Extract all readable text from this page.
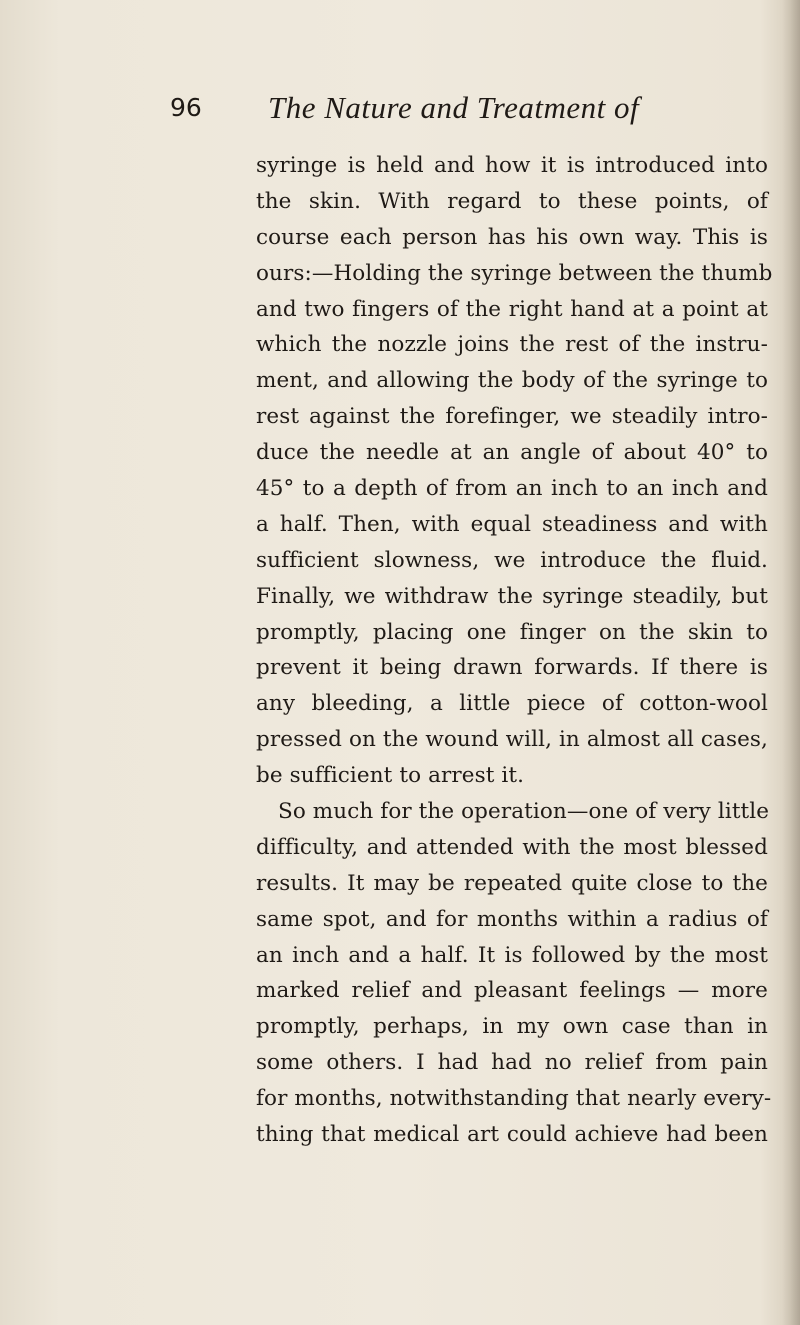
96 The Nature and Treatment of
syringe is held and how it is introduced into
the skin. With regard to these points, of
course each person has his own way. This is
ours:—Holding the syringe between the thumb
and two fingers of the right hand at a point at
which the nozzle joins the rest of the instru-
ment, and allowing the body of the syringe to
rest against the forefinger, we steadily intro-
duce the needle at an angle of about 40° to
45° to a depth of from an inch to an inch and
a half. Then, with equal steadiness and with
sufficient slowness, we introduce the fluid.
Finally, we withdraw the syringe steadily, but
promptly, placing one finger on the skin to
prevent it being drawn forwards. If there is
any bleeding, a little piece of cotton-wool
pressed on the wound will, in almost all cases,
be sufficient to arrest it.
So much for the operation—one of very little
difficulty, and attended with the most blessed
results. It may be repeated quite close to the
same spot, and for months within a radius of
an inch and a half. It is followed by the most
marked relief and pleasant feelings — more
promptly, perhaps, in my own case than in
some others. I had had no relief from pain
for months, notwithstanding that nearly every-
thing that medical art could achieve had been
